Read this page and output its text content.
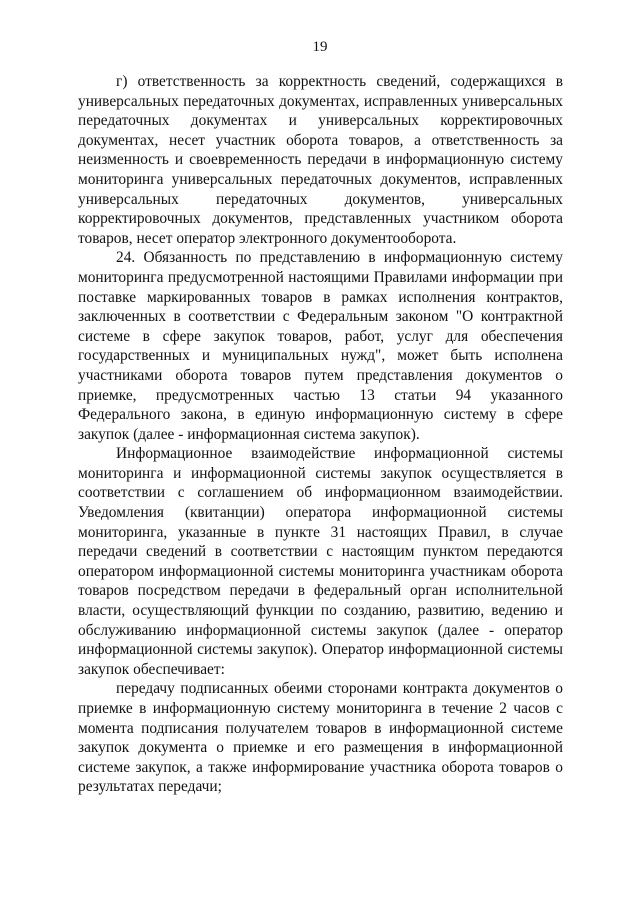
19

г) ответственность за корректность сведений, содержащихся в универсальных передаточных документах, исправленных универсальных передаточных документах и универсальных корректировочных документах, несет участник оборота товаров, а ответственность за неизменность и своевременность передачи в информационную систему мониторинга универсальных передаточных документов, исправленных универсальных передаточных документов, универсальных корректировочных документов, представленных участником оборота товаров, несет оператор электронного документооборота.

24. Обязанность по представлению в информационную систему мониторинга предусмотренной настоящими Правилами информации при поставке маркированных товаров в рамках исполнения контрактов, заключенных в соответствии с Федеральным законом "О контрактной системе в сфере закупок товаров, работ, услуг для обеспечения государственных и муниципальных нужд", может быть исполнена участниками оборота товаров путем представления документов о приемке, предусмотренных частью 13 статьи 94 указанного Федерального закона, в единую информационную систему в сфере закупок (далее - информационная система закупок).

Информационное взаимодействие информационной системы мониторинга и информационной системы закупок осуществляется в соответствии с соглашением об информационном взаимодействии. Уведомления (квитанции) оператора информационной системы мониторинга, указанные в пункте 31 настоящих Правил, в случае передачи сведений в соответствии с настоящим пунктом передаются оператором информационной системы мониторинга участникам оборота товаров посредством передачи в федеральный орган исполнительной власти, осуществляющий функции по созданию, развитию, ведению и обслуживанию информационной системы закупок (далее - оператор информационной системы закупок). Оператор информационной системы закупок обеспечивает:

передачу подписанных обеими сторонами контракта документов о приемке в информационную систему мониторинга в течение 2 часов с момента подписания получателем товаров в информационной системе закупок документа о приемке и его размещения в информационной системе закупок, а также информирование участника оборота товаров о результатах передачи;
